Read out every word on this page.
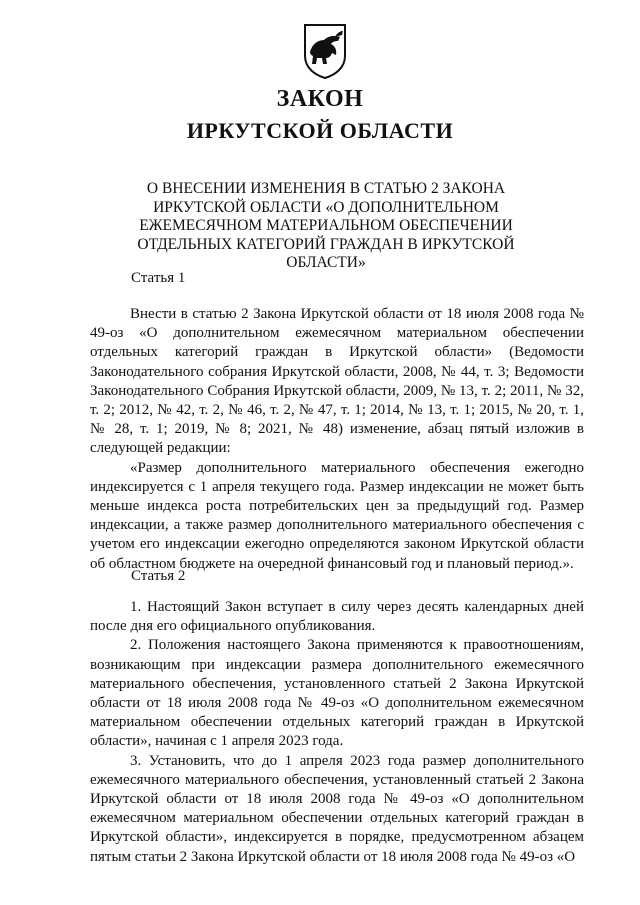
ЗАКОН
ИРКУТСКОЙ ОБЛАСТИ
О ВНЕСЕНИИ ИЗМЕНЕНИЯ В СТАТЬЮ 2 ЗАКОНА ИРКУТСКОЙ ОБЛАСТИ «О ДОПОЛНИТЕЛЬНОМ ЕЖЕМЕСЯЧНОМ МАТЕРИАЛЬНОМ ОБЕСПЕЧЕНИИ ОТДЕЛЬНЫХ КАТЕГОРИЙ ГРАЖДАН В ИРКУТСКОЙ ОБЛАСТИ»
Статья 1

Внести в статью 2 Закона Иркутской области от 18 июля 2008 года № 49-оз «О дополнительном ежемесячном материальном обеспечении отдельных категорий граждан в Иркутской области» (Ведомости Законодательного собрания Иркутской области, 2008, № 44, т. 3; Ведомости Законодательного Собрания Иркутской области, 2009, № 13, т. 2; 2011, № 32, т. 2; 2012, № 42, т. 2, № 46, т. 2, № 47, т. 1; 2014, № 13, т. 1; 2015, № 20, т. 1, № 28, т. 1; 2019, № 8; 2021, № 48) изменение, абзац пятый изложив в следующей редакции:

«Размер дополнительного материального обеспечения ежегодно индексируется с 1 апреля текущего года. Размер индексации не может быть меньше индекса роста потребительских цен за предыдущий год. Размер индексации, а также размер дополнительного материального обеспечения с учетом его индексации ежегодно определяются законом Иркутской области об областном бюджете на очередной финансовый год и плановый период.».

Статья 2

1. Настоящий Закон вступает в силу через десять календарных дней после дня его официального опубликования.

2. Положения настоящего Закона применяются к правоотношениям, возникающим при индексации размера дополнительного ежемесячного материального обеспечения, установленного статьей 2 Закона Иркутской области от 18 июля 2008 года № 49-оз «О дополнительном ежемесячном материальном обеспечении отдельных категорий граждан в Иркутской области», начиная с 1 апреля 2023 года.

3. Установить, что до 1 апреля 2023 года размер дополнительного ежемесячного материального обеспечения, установленный статьей 2 Закона Иркутской области от 18 июля 2008 года № 49-оз «О дополнительном ежемесячном материальном обеспечении отдельных категорий граждан в Иркутской области», индексируется в порядке, предусмотренном абзацем пятым статьи 2 Закона Иркутской области от 18 июля 2008 года № 49-оз «О
